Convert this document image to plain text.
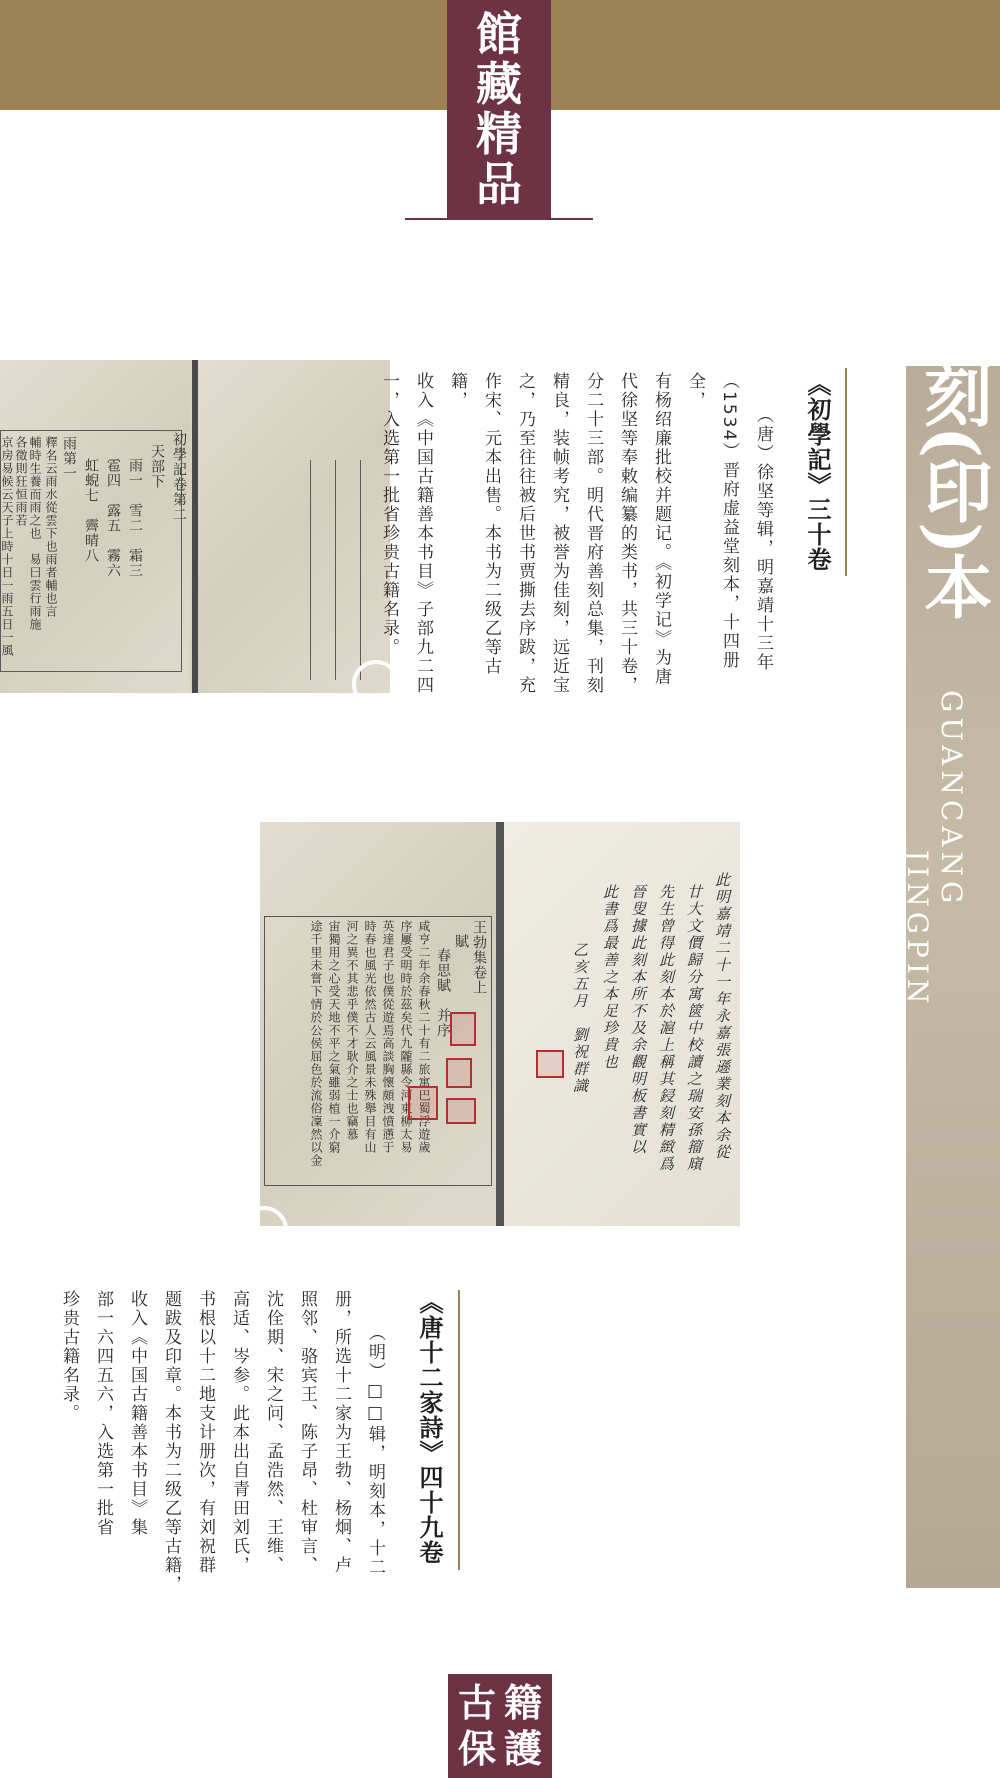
館
藏
精
品
刻(印)本
GUANCANG
JINGPIN
初學記卷第二
天部下
雨一　雪二　霜三
雹四　露五　霧六
虹蜺七　霽晴八
雨第一
釋名云雨水從雲下也雨者輔也言
輔時生養而雨之也　易曰雲行雨施
各徵則狂恒雨若
京房易候云天子上時十日一雨五日一風	《初學記》三十卷
（唐）徐坚等辑，明嘉靖十三年
（1534）晋府虚益堂刻本，十四册全，
有杨绍廉批校并题记。《初学记》为唐
代徐坚等奉敕编纂的类书，共三十卷，
分二十三部。明代晋府善刻总集，刊刻
精良，装帧考究，被誉为佳刻，远近宝
之，乃至往往被后世书贾撕去序跋，充
作宋、元本出售。本书为二级乙等古籍，
收入《中国古籍善本书目》子部九二四
一，入选第一批省珍贵古籍名录。
王勃集卷上
賦
春思賦　并序
咸亨二年余春秋二十有二旅寓巴蜀浮遊歲
序屢受明時於茲矣代九隴縣令河東柳太易
英達君子也僕從遊焉高談胸懷頗洩憤懣于
時春也風光依然古人云風景未殊舉目有山
河之異不其悲乎僕不才耿介之士也竊慕
宙獨用之心受天地不平之氣雖弱植一介窮
途千里未嘗下情於公侯屈色於流俗凜然以金	此明嘉靖二十一年永嘉張遜業刻本余從
廿大文價歸分寓篋中校讀之瑞安孫籀廎
先生曾得此刻本於滬上稱其鋟刻精緻爲
晉叟據此刻本所不及余觀明板書實以
此書爲最善之本足珍貴也
乙亥五月　劉祝群識
《唐十二家詩》四十九卷
（明）□□辑，明刻本，十二
册，所选十二家为王勃、杨炯、卢
照邻、骆宾王、陈子昂、杜审言、
沈佺期、宋之问、孟浩然、王维、
高适、岑参。此本出自青田刘氏，
书根以十二地支计册次，有刘祝群
题跋及印章。本书为二级乙等古籍，
收入《中国古籍善本书目》集
部一六四五六，入选第一批省
珍贵古籍名录。
古 籍
保 護
